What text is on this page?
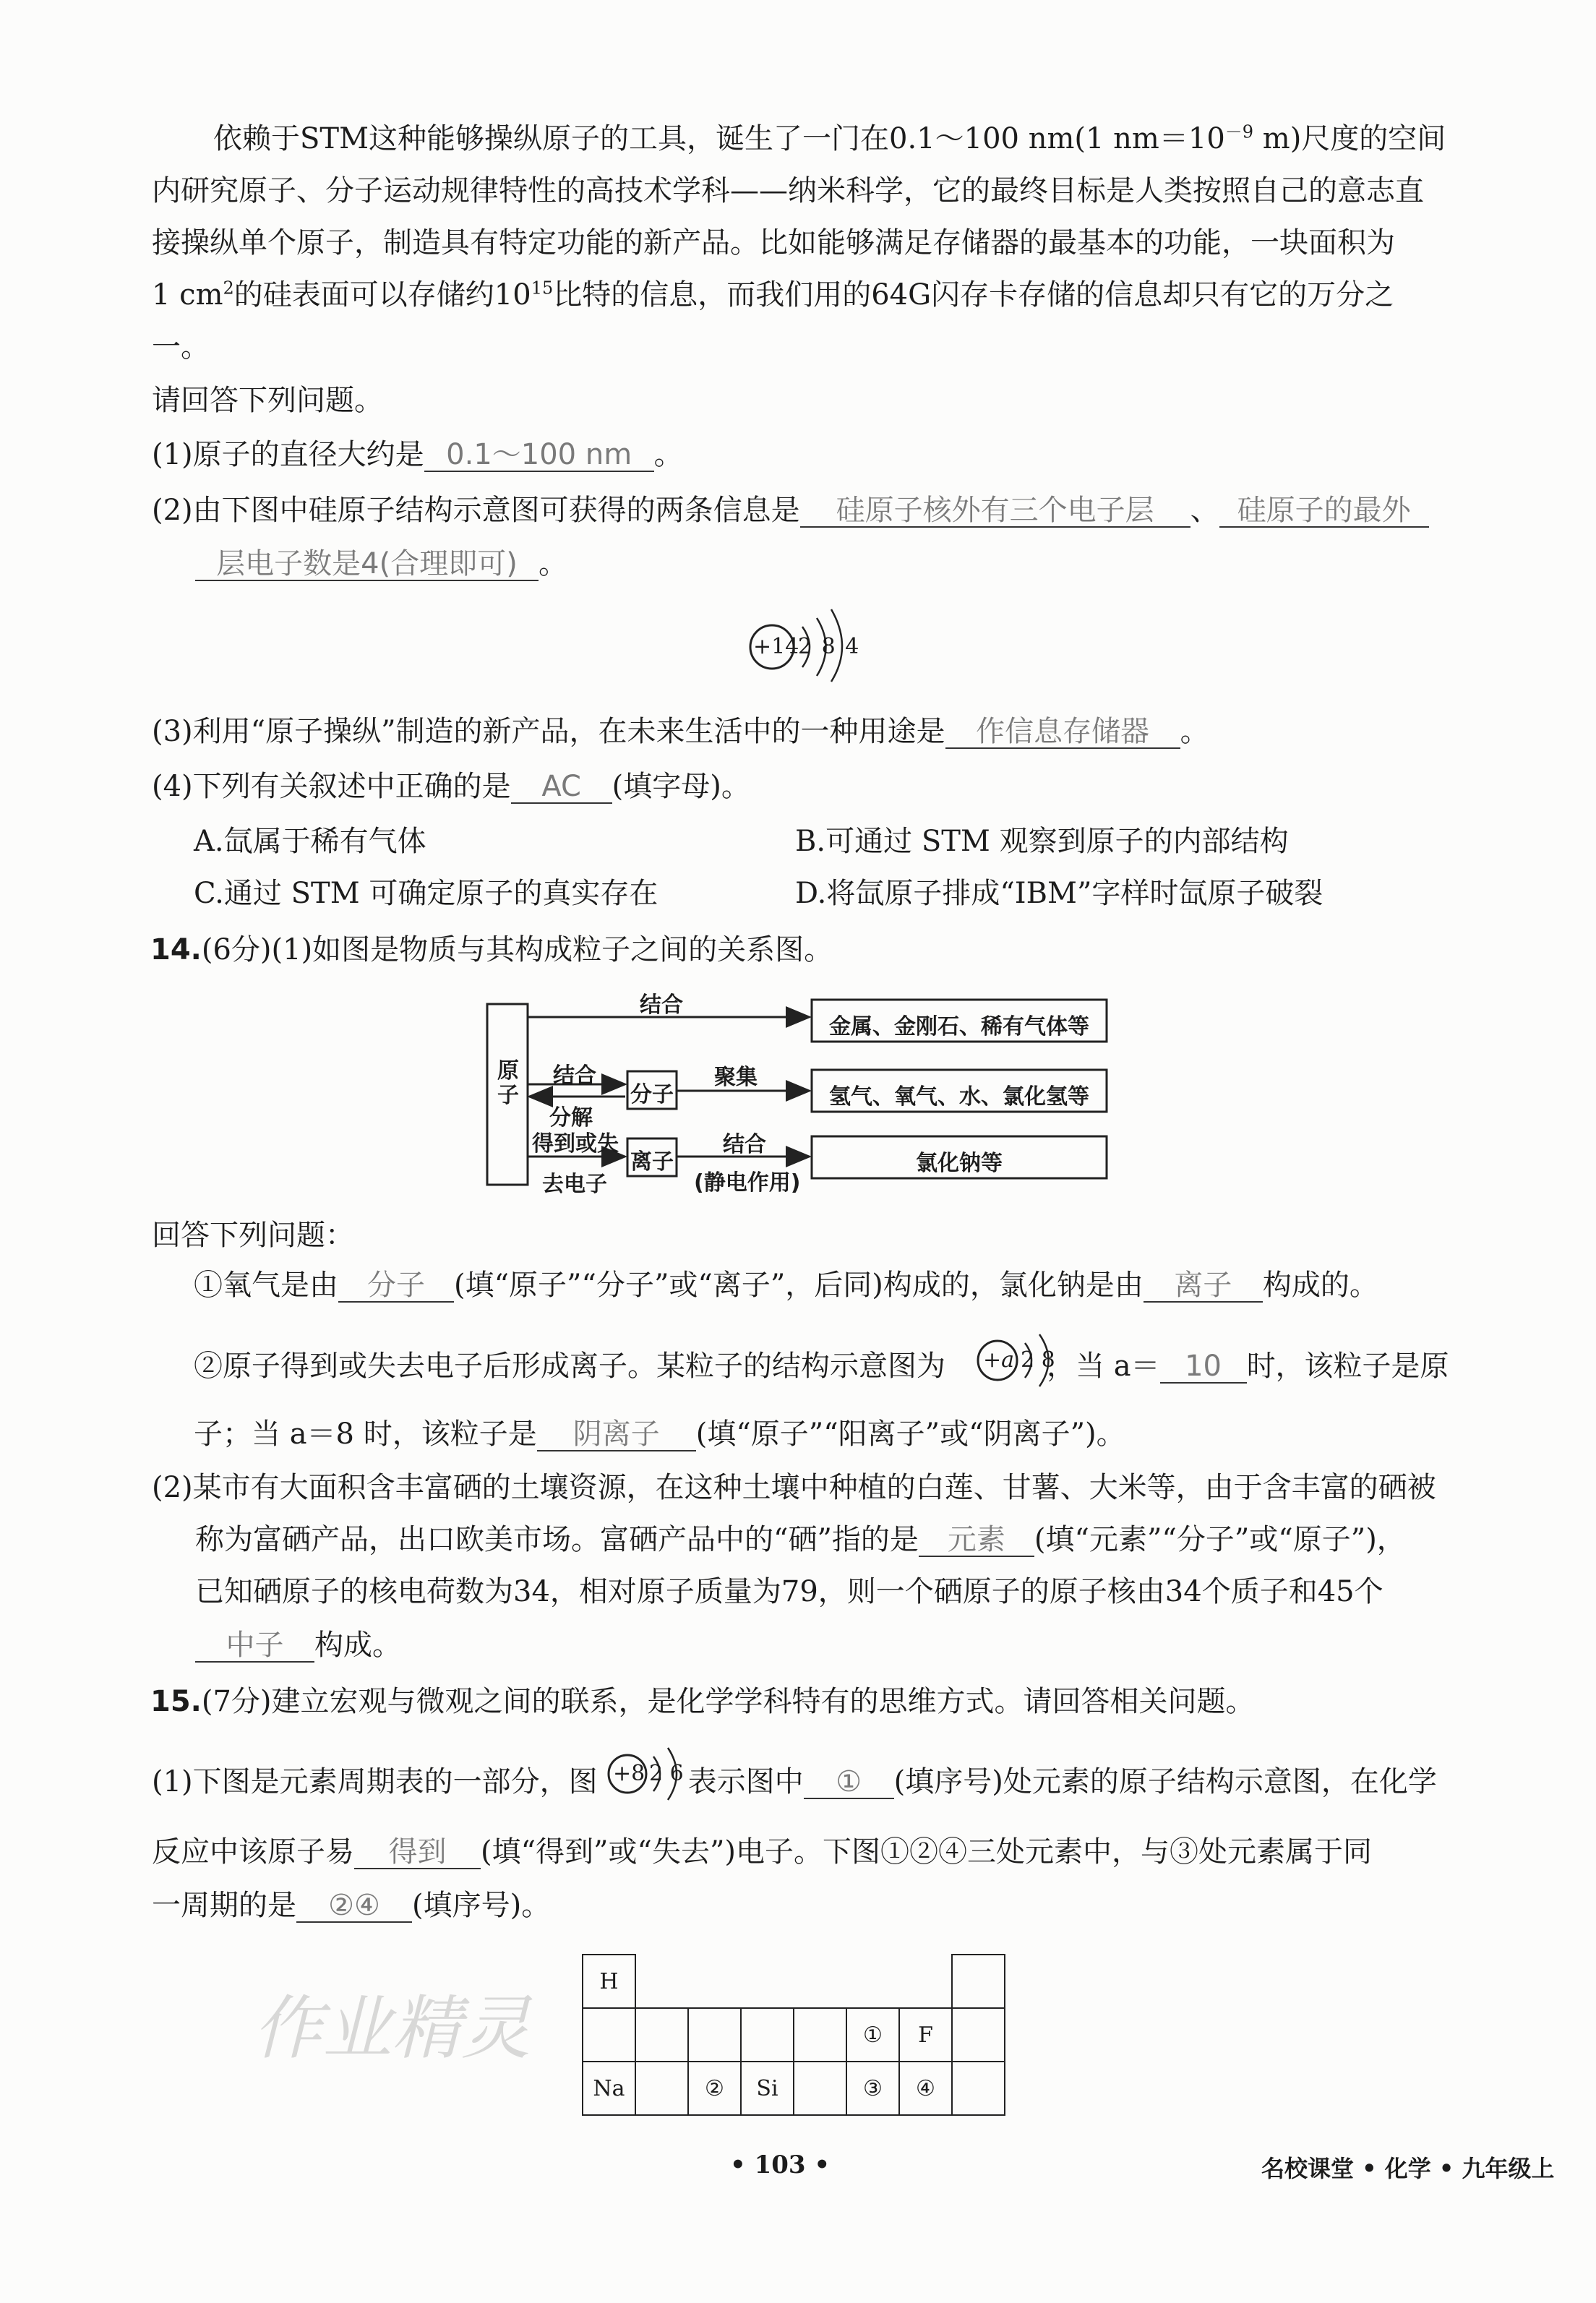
依赖于STM这种能够操纵原子的工具，诞生了一门在0.1～100 nm(1 $nm=10^{-9}$ m)尺度的空间
内研究原子、分子运动规律特性的高技术学科——纳米科学，它的最终目标是人类按照自己的意志直
接操纵单个原子，制造具有特定功能的新产品。比如能够满足存储器的最基本的功能，一块面积为
1 $cm^2$的硅表面可以存储约$10^{15}$比特的信息，而我们用的64G闪存卡存储的信息却只有它的万分之
一。
请回答下列问题。
(1)原子的直径大约是 0.1～100 nm 。
(2)由下图中硅原子结构示意图可获得的两条信息是 硅原子核外有三个电子层 、 硅原子的最外
层电子数是4(合理即可) 。
+14
2 8 4
(3)利用“原子操纵”制造的新产品，在未来生活中的一种用途是 作信息存储器 。
(4)下列有关叙述中正确的是 AC (填字母)。
A.氙属于稀有气体	B.可通过 STM 观察到原子的内部结构
C.通过 STM 可确定原子的真实存在	D.将氙原子排成“IBM”字样时氙原子破裂
14.(6分)(1)如图是物质与其构成粒子之间的关系图。
原子
结合
结合
分解
分子
聚集
得到或失
去电子
离子
结合
(静电作用)
金属、金刚石、稀有气体等
氢气、氧气、水、氯化氢等
氯化钠等
回答下列问题：
①氧气是由 分子 (填“原子”“分子”或“离子”，后同)构成的，氯化钠是由 离子 构成的。
②原子得到或失去电子后形成离子。某粒子的结构示意图为	，当 a＝ 10 时，该粒子是原
+a 2 8
子；当 a＝8 时，该粒子是 阴离子 (填“原子”“阳离子”或“阴离子”)。
(2)某市有大面积含丰富硒的土壤资源，在这种土壤中种植的白莲、甘薯、大米等，由于含丰富的硒被
称为富硒产品，出口欧美市场。富硒产品中的“硒”指的是 元素 (填“元素”“分子”或“原子”)，
已知硒原子的核电荷数为34，相对原子质量为79，则一个硒原子的原子核由34个质子和45个
中子 构成。
15.(7分)建立宏观与微观之间的联系，是化学学科特有的思维方式。请回答相关问题。
(1)下图是元素周期表的一部分，图	表示图中 ① (填序号)处元素的原子结构示意图，在化学
+8 2 6
反应中该原子易 得到 (填“得到”或“失去”)电子。下图①②④三处元素中，与③处元素属于同
一周期的是 ②④ (填序号)。
H							
					①	F	
Na		②	Si		③	④	
作业精灵
• 103 •	名校课堂 • 化学 • 九年级上
